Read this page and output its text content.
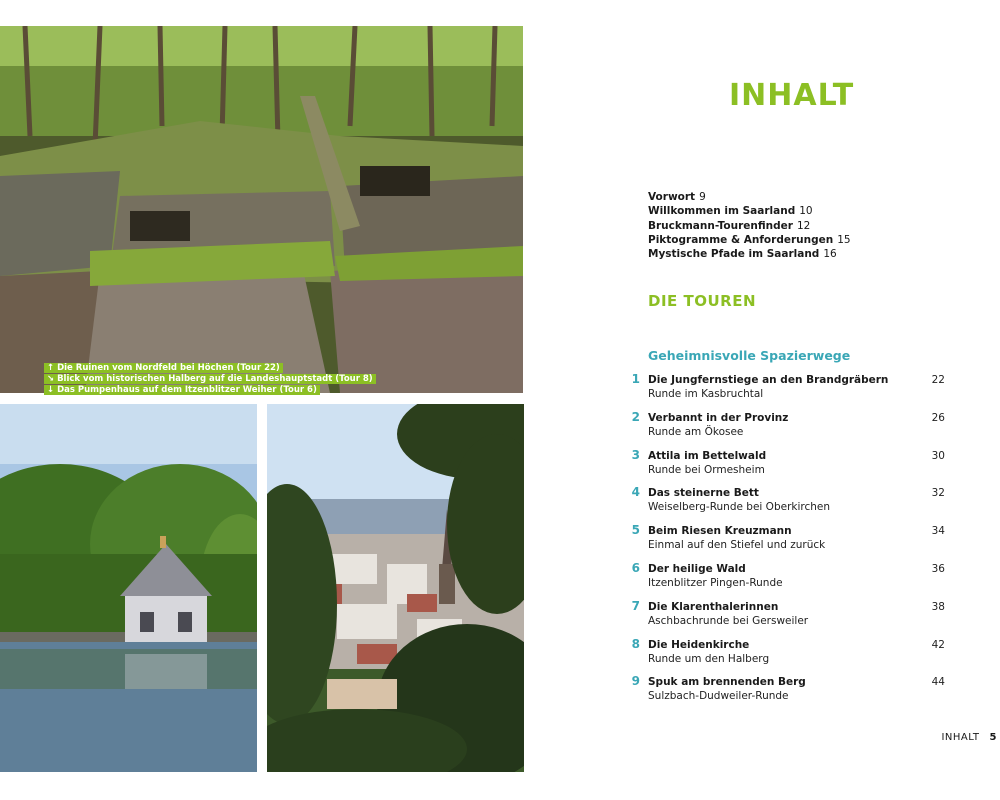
↑ Die Ruinen vom Nordfeld bei Höchen (Tour 22)
↘ Blick vom historischen Halberg auf die Landeshauptstadt (Tour 8)
↓ Das Pumpenhaus auf dem Itzenblitzer Weiher (Tour 6)
INHALT
Vorwort 9
Willkommen im Saarland 10
Bruckmann-Tourenfinder 12
Piktogramme & Anforderungen 15
Mystische Pfade im Saarland 16
DIE TOUREN
Geheimnisvolle Spazierwege
1 Die Jungfernstiege an den Brandgräbern
Runde im Kasbruchtal
22
2 Verbannt in der Provinz
Runde am Ökosee
26
3 Attila im Bettelwald
Runde bei Ormesheim
30
4 Das steinerne Bett
Weiselberg-Runde bei Oberkirchen
32
5 Beim Riesen Kreuzmann
Einmal auf den Stiefel und zurück
34
6 Der heilige Wald
Itzenblitzer Pingen-Runde
36
7 Die Klarenthalerinnen
Aschbachrunde bei Gersweiler
38
8 Die Heidenkirche
Runde um den Halberg
42
9 Spuk am brennenden Berg
Sulzbach-Dudweiler-Runde
44
INHALT 5
